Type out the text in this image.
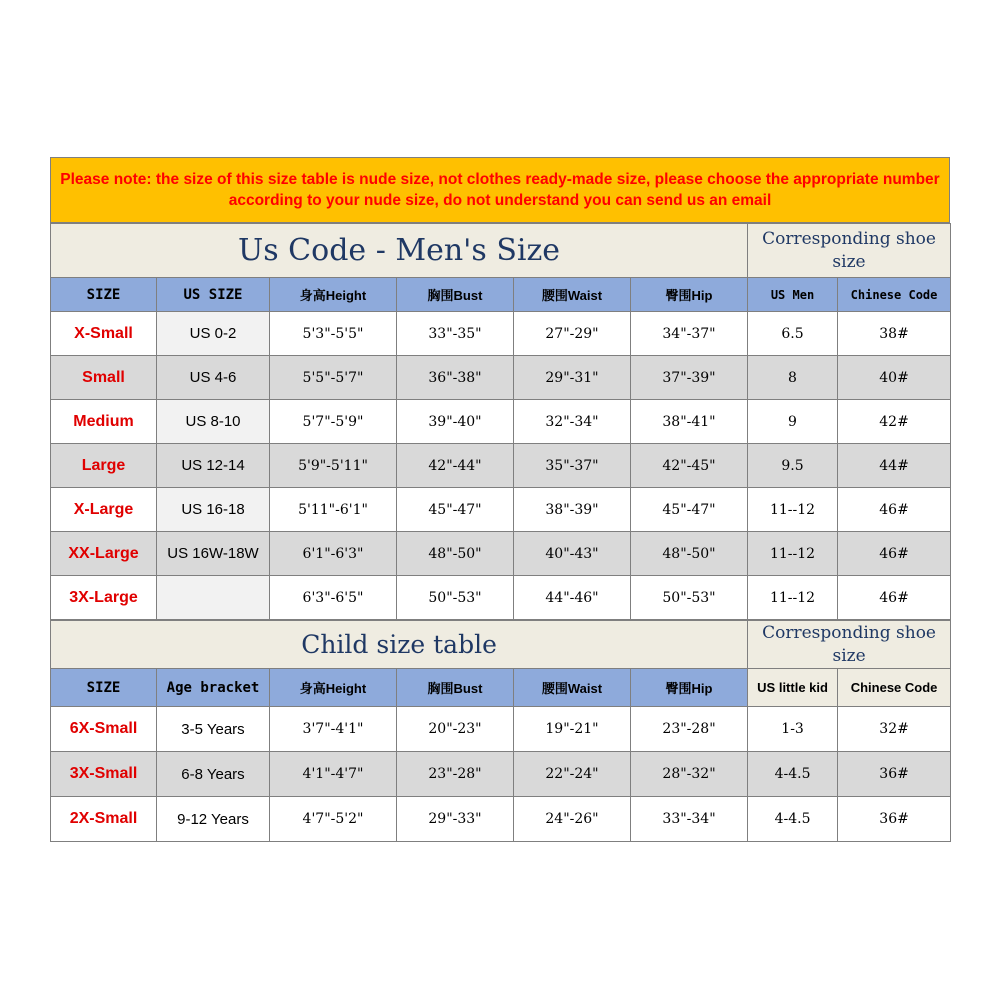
Please note: the size of this size table is nude size, not clothes ready-made size, please choose the appropriate number according to your nude size, do not understand you can send us an email
Us Code - Men's Size						Corresponding shoe size	
SIZE	US SIZE	身高Height	胸围Bust	腰围Waist	臀围Hip	US Men	Chinese Code
X-Small	US 0-2	5'3"-5'5"	33"-35"	27"-29"	34"-37"	6.5	38#
Small	US 4-6	5'5"-5'7"	36"-38"	29"-31"	37"-39"	8	40#
Medium	US 8-10	5'7"-5'9"	39"-40"	32"-34"	38"-41"	9	42#
Large	US 12-14	5'9"-5'11"	42"-44"	35"-37"	42"-45"	9.5	44#
X-Large	US 16-18	5'11"-6'1"	45"-47"	38"-39"	45"-47"	11--12	46#
XX-Large	US 16W-18W	6'1"-6'3"	48"-50"	40"-43"	48"-50"	11--12	46#
3X-Large		6'3"-6'5"	50"-53"	44"-46"	50"-53"	11--12	46#
Child size table						Corresponding shoe size	
SIZE	Age bracket	身高Height	胸围Bust	腰围Waist	臀围Hip	US little kid	Chinese Code
6X-Small	3-5 Years	3'7"-4'1"	20"-23"	19"-21"	23"-28"	1-3	32#
3X-Small	6-8 Years	4'1"-4'7"	23"-28"	22"-24"	28"-32"	4-4.5	36#
2X-Small	9-12 Years	4'7"-5'2"	29"-33"	24"-26"	33"-34"	4-4.5	36#
